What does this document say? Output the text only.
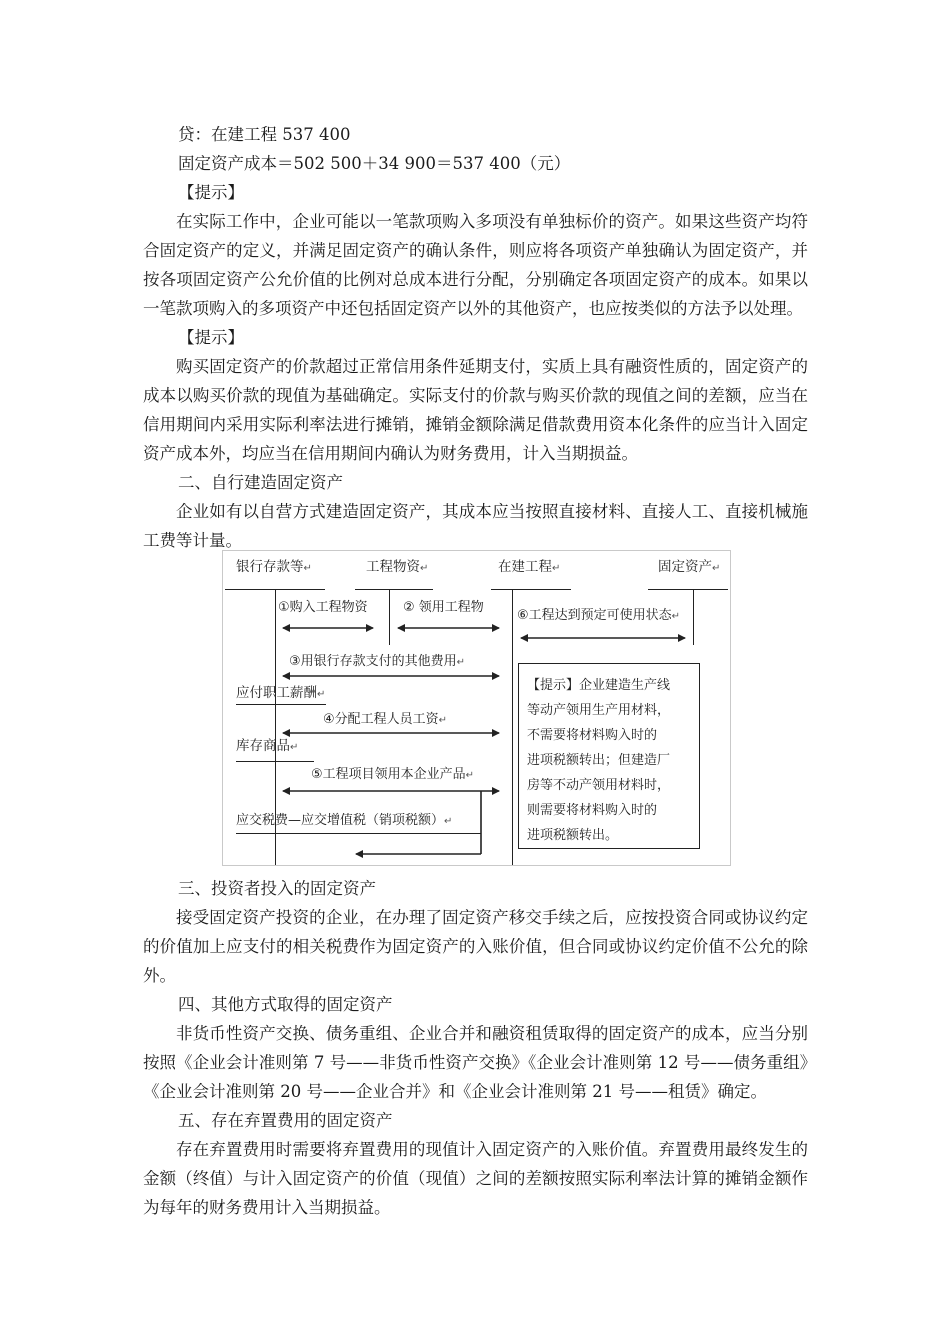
贷：在建工程 537 400
固定资产成本＝502 500＋34 900＝537 400（元）
【提示】
在实际工作中，企业可能以一笔款项购入多项没有单独标价的资产。如果这些资产均符合固定资产的定义，并满足固定资产的确认条件，则应将各项资产单独确认为固定资产，并按各项固定资产公允价值的比例对总成本进行分配，分别确定各项固定资产的成本。如果以一笔款项购入的多项资产中还包括固定资产以外的其他资产，也应按类似的方法予以处理。
【提示】
购买固定资产的价款超过正常信用条件延期支付，实质上具有融资性质的，固定资产的成本以购买价款的现值为基础确定。实际支付的价款与购买价款的现值之间的差额，应当在信用期间内采用实际利率法进行摊销，摊销金额除满足借款费用资本化条件的应当计入固定资产成本外，均应当在信用期间内确认为财务费用，计入当期损益。
二、自行建造固定资产
企业如有以自营方式建造固定资产，其成本应当按照直接材料、直接人工、直接机械施工费等计量。
银行存款等↵	工程物资↵	在建工程↵	固定资产↵
①购入工程物资	② 领用工程物
⑥工程达到预定可使用状态↵
③用银行存款支付的其他费用↵
④分配工程人员工资↵
⑤工程项目领用本企业产品↵
应付职工薪酬↵
库存商品↵
应交税费—应交增值税（销项税额）↵
【提示】企业建造生产线
等动产领用生产用材料，
不需要将材料购入时的
进项税额转出；但建造厂
房等不动产领用材料时，
则需要将材料购入时的
进项税额转出。
三、投资者投入的固定资产
接受固定资产投资的企业，在办理了固定资产移交手续之后，应按投资合同或协议约定的价值加上应支付的相关税费作为固定资产的入账价值，但合同或协议约定价值不公允的除外。
四、其他方式取得的固定资产
非货币性资产交换、债务重组、企业合并和融资租赁取得的固定资产的成本，应当分别按照《企业会计准则第 7 号——非货币性资产交换》《企业会计准则第 12 号——债务重组》《企业会计准则第 20 号——企业合并》和《企业会计准则第 21 号——租赁》确定。
五、存在弃置费用的固定资产
存在弃置费用时需要将弃置费用的现值计入固定资产的入账价值。弃置费用最终发生的金额（终值）与计入固定资产的价值（现值）之间的差额按照实际利率法计算的摊销金额作为每年的财务费用计入当期损益。
